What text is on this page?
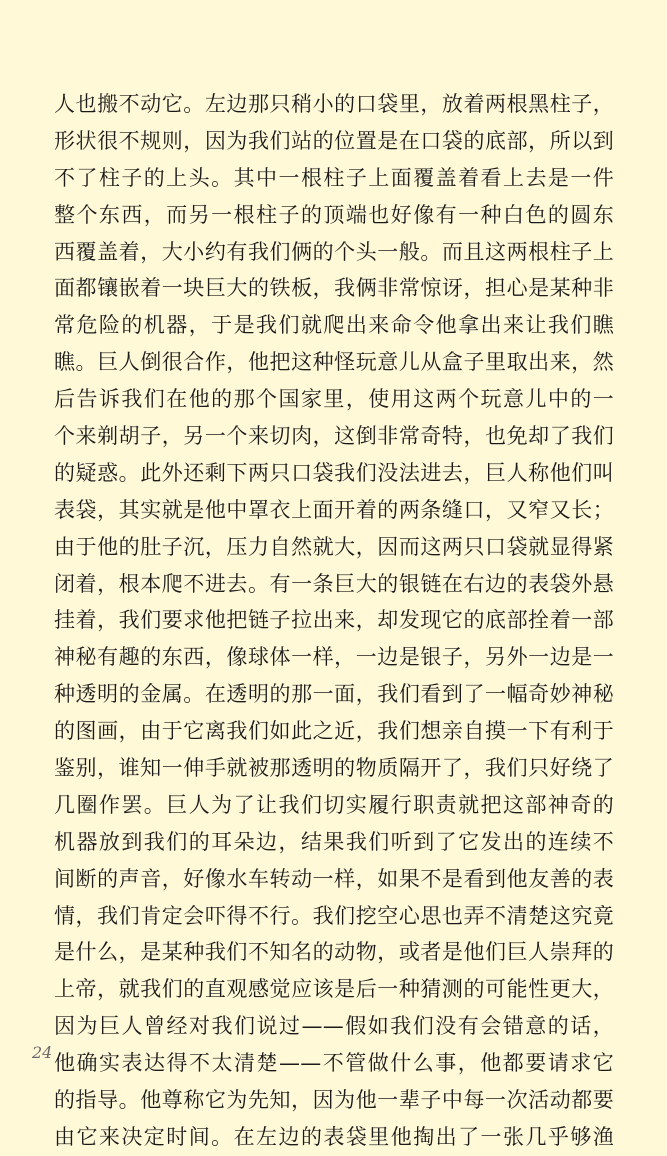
人也搬不动它。左边那只稍小的口袋里，放着两根黑柱子，
形状很不规则，因为我们站的位置是在口袋的底部，所以到
不了柱子的上头。其中一根柱子上面覆盖着看上去是一件
整个东西，而另一根柱子的顶端也好像有一种白色的圆东
西覆盖着，大小约有我们俩的个头一般。而且这两根柱子上
面都镶嵌着一块巨大的铁板，我俩非常惊讶，担心是某种非
常危险的机器，于是我们就爬出来命令他拿出来让我们瞧
瞧。巨人倒很合作，他把这种怪玩意儿从盒子里取出来，然
后告诉我们在他的那个国家里，使用这两个玩意儿中的一
个来剃胡子，另一个来切肉，这倒非常奇特，也免却了我们
的疑惑。此外还剩下两只口袋我们没法进去，巨人称他们叫
表袋，其实就是他中罩衣上面开着的两条缝口，又窄又长；
由于他的肚子沉，压力自然就大，因而这两只口袋就显得紧
闭着，根本爬不进去。有一条巨大的银链在右边的表袋外悬
挂着，我们要求他把链子拉出来，却发现它的底部拴着一部
神秘有趣的东西，像球体一样，一边是银子，另外一边是一
种透明的金属。在透明的那一面，我们看到了一幅奇妙神秘
的图画，由于它离我们如此之近，我们想亲自摸一下有利于
鉴别，谁知一伸手就被那透明的物质隔开了，我们只好绕了
几圈作罢。巨人为了让我们切实履行职责就把这部神奇的
机器放到我们的耳朵边，结果我们听到了它发出的连续不
间断的声音，好像水车转动一样，如果不是看到他友善的表
情，我们肯定会吓得不行。我们挖空心思也弄不清楚这究竟
是什么，是某种我们不知名的动物，或者是他们巨人崇拜的
上帝，就我们的直观感觉应该是后一种猜测的可能性更大，
因为巨人曾经对我们说过——假如我们没有会错意的话，
他确实表达得不太清楚——不管做什么事，他都要请求它
的指导。他尊称它为先知，因为他一辈子中每一次活动都要
由它来决定时间。在左边的表袋里他掏出了一张几乎够渔
24
